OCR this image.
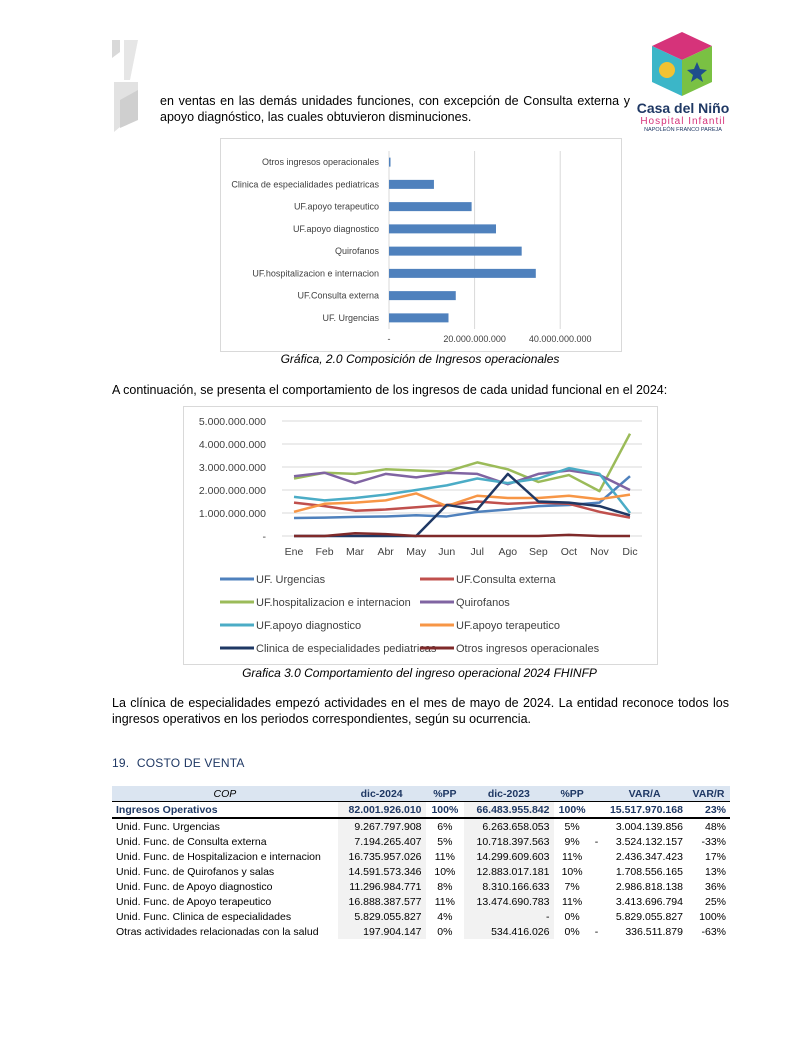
Casa del Niño
Hospital Infantil
NAPOLEÓN FRANCO PAREJA
en ventas en las demás unidades funciones, con excepción de Consulta externa y apoyo diagnóstico, las cuales obtuvieron disminuciones.
-	20.000.000.000	40.000.000.000
Otros ingresos operacionales
Clinica de especialidades pediatricas
UF.apoyo terapeutico
UF.apoyo diagnostico
Quirofanos
UF.hospitalizacion e internacion
UF.Consulta externa
UF. Urgencias
Gráfica, 2.0 Composición de Ingresos operacionales
A continuación, se presenta el comportamiento de los ingresos de cada unidad funcional en el 2024:
-
1.000.000.000
2.000.000.000
3.000.000.000
4.000.000.000
5.000.000.000
Ene Feb Mar Abr May Jun Jul Ago Sep Oct Nov Dic
UF. Urgencias	UF.Consulta externa
UF.hospitalizacion e internacion	Quirofanos
UF.apoyo diagnostico	UF.apoyo terapeutico
Clinica de especialidades pediatricas Otros ingresos operacionales
Grafica 3.0 Comportamiento del ingreso operacional 2024 FHINFP
La clínica de especialidades empezó actividades en el mes de mayo de 2024. La entidad reconoce todos los ingresos operativos en los periodos correspondientes, según su ocurrencia.
19. COSTO DE VENTA
COP	dic-2024	%PP	dic-2023	%PP		VAR/A	VAR/R
Ingresos Operativos	82.001.926.010	100%	66.483.955.842	100%		15.517.970.168	23%
Unid. Func. Urgencias	9.267.797.908	6%	6.263.658.053	5%		3.004.139.856	48%
Unid. Func. de Consulta externa	7.194.265.407	5%	10.718.397.563	9%	-	3.524.132.157	-33%
Unid. Func. de Hospitalizacion e internacion	16.735.957.026	11%	14.299.609.603	11%		2.436.347.423	17%
Unid. Func. de Quirofanos y salas	14.591.573.346	10%	12.883.017.181	10%		1.708.556.165	13%
Unid. Func. de Apoyo diagnostico	11.296.984.771	8%	8.310.166.633	7%		2.986.818.138	36%
Unid. Func. de Apoyo terapeutico	16.888.387.577	11%	13.474.690.783	11%		3.413.696.794	25%
Unid. Func. Clinica de especialidades	5.829.055.827	4%	-	0%		5.829.055.827	100%
Otras actividades relacionadas con la salud	197.904.147	0%	534.416.026	0%	-	336.511.879	-63%
